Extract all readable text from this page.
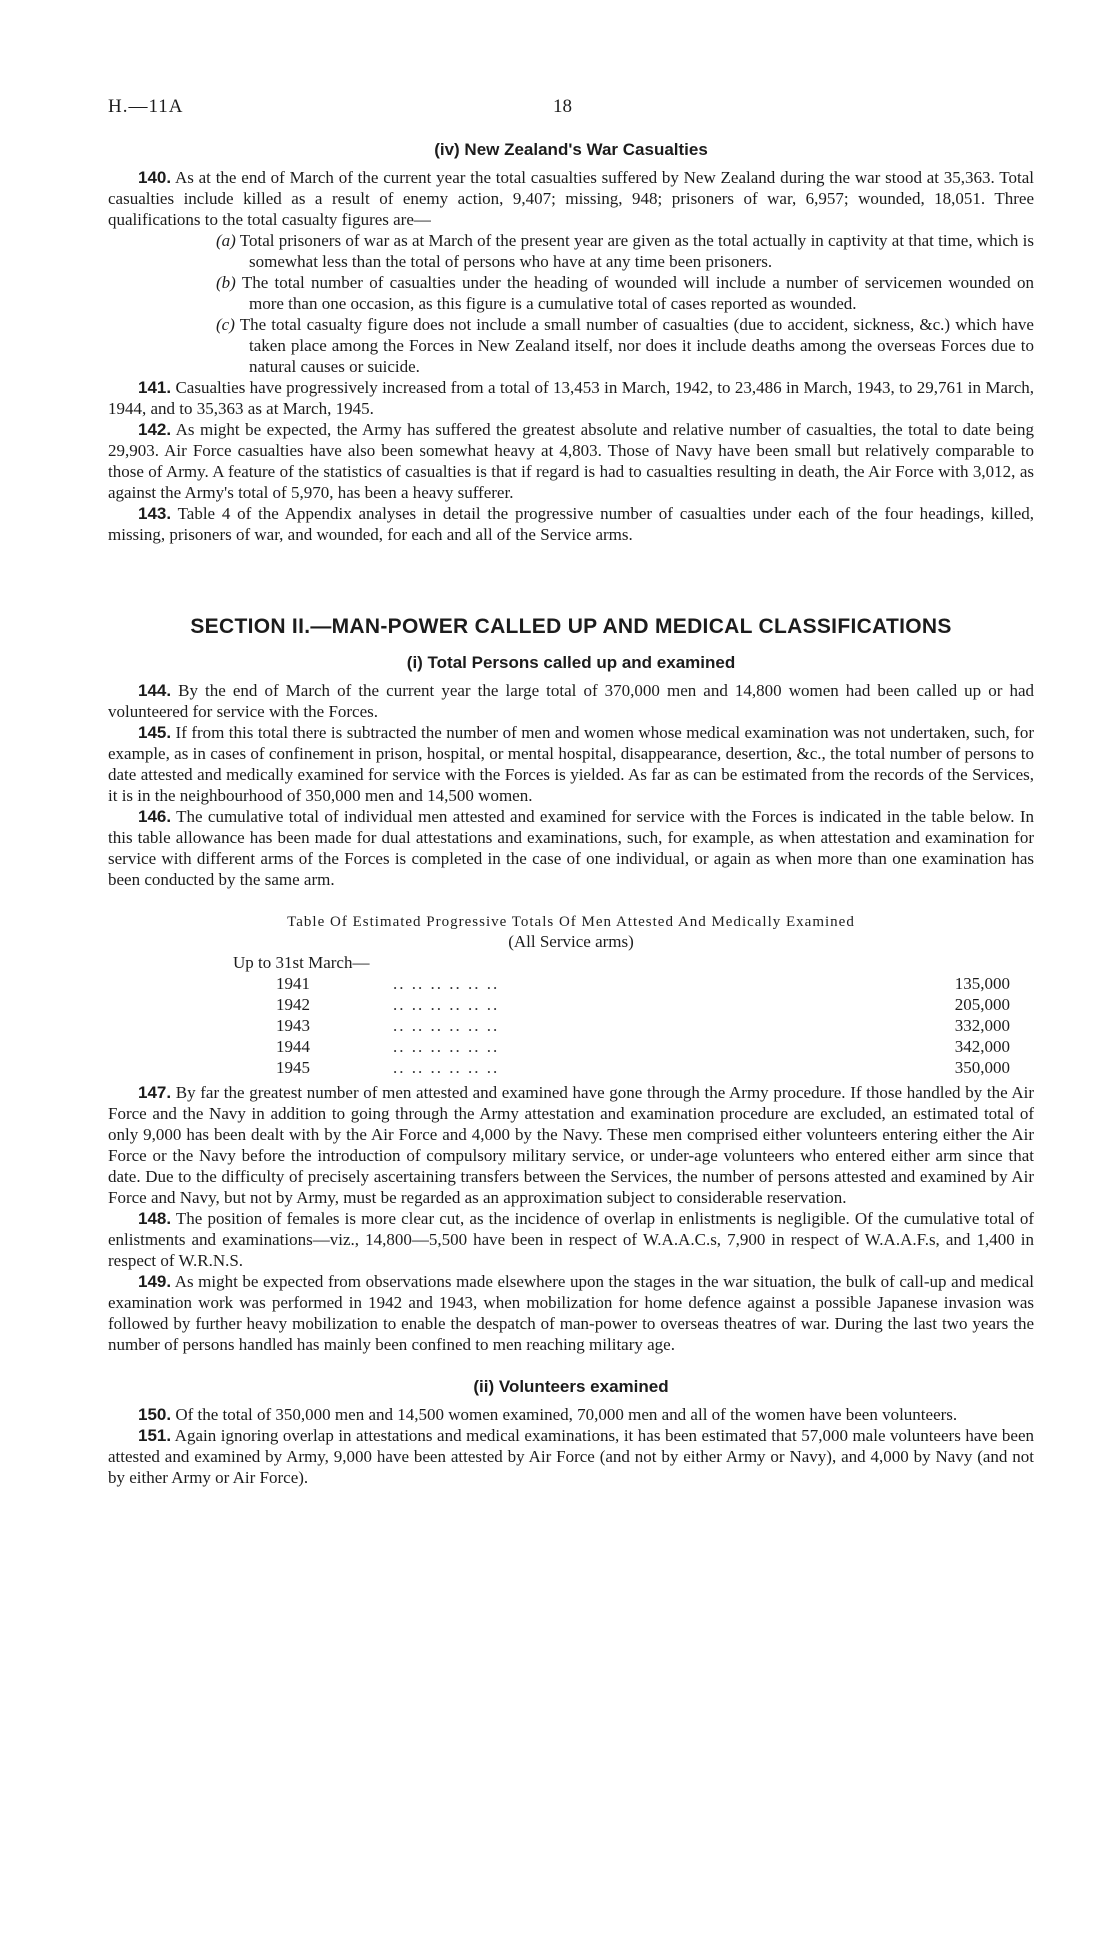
H.—11A	18
(iv) New Zealand's War Casualties

140. As at the end of March of the current year the total casualties suffered by New Zealand during the war stood at 35,363. Total casualties include killed as a result of enemy action, 9,407; missing, 948; prisoners of war, 6,957; wounded, 18,051. Three qualifications to the total casualty figures are—

(a) Total prisoners of war as at March of the present year are given as the total actually in captivity at that time, which is somewhat less than the total of persons who have at any time been prisoners.
(b) The total number of casualties under the heading of wounded will include a number of servicemen wounded on more than one occasion, as this figure is a cumulative total of cases reported as wounded.
(c) The total casualty figure does not include a small number of casualties (due to accident, sickness, &c.) which have taken place among the Forces in New Zealand itself, nor does it include deaths among the overseas Forces due to natural causes or suicide.

141. Casualties have progressively increased from a total of 13,453 in March, 1942, to 23,486 in March, 1943, to 29,761 in March, 1944, and to 35,363 as at March, 1945.

142. As might be expected, the Army has suffered the greatest absolute and relative number of casualties, the total to date being 29,903. Air Force casualties have also been somewhat heavy at 4,803. Those of Navy have been small but relatively comparable to those of Army. A feature of the statistics of casualties is that if regard is had to casualties resulting in death, the Air Force with 3,012, as against the Army's total of 5,970, has been a heavy sufferer.

143. Table 4 of the Appendix analyses in detail the progressive number of casualties under each of the four headings, killed, missing, prisoners of war, and wounded, for each and all of the Service arms.

SECTION II.—MAN-POWER CALLED UP AND MEDICAL CLASSIFICATIONS
(i) Total Persons called up and examined

144. By the end of March of the current year the large total of 370,000 men and 14,800 women had been called up or had volunteered for service with the Forces.

145. If from this total there is subtracted the number of men and women whose medical examination was not undertaken, such, for example, as in cases of confinement in prison, hospital, or mental hospital, disappearance, desertion, &c., the total number of persons to date attested and medically examined for service with the Forces is yielded. As far as can be estimated from the records of the Services, it is in the neighbourhood of 350,000 men and 14,500 women.

146. The cumulative total of individual men attested and examined for service with the Forces is indicated in the table below. In this table allowance has been made for dual attestations and examinations, such, for example, as when attestation and examination for service with different arms of the Forces is completed in the case of one individual, or again as when more than one examination has been conducted by the same arm.

Table Of Estimated Progressive Totals Of Men Attested And Medically Examined

(All Service arms)

Up to 31st March—
1941	.. .. .. .. .. ..	135,000
1942	.. .. .. .. .. ..	205,000
1943	.. .. .. .. .. ..	332,000
1944	.. .. .. .. .. ..	342,000
1945	.. .. .. .. .. ..	350,000

147. By far the greatest number of men attested and examined have gone through the Army procedure. If those handled by the Air Force and the Navy in addition to going through the Army attestation and examination procedure are excluded, an estimated total of only 9,000 has been dealt with by the Air Force and 4,000 by the Navy. These men comprised either volunteers entering either the Air Force or the Navy before the introduction of compulsory military service, or under-age volunteers who entered either arm since that date. Due to the difficulty of precisely ascertaining transfers between the Services, the number of persons attested and examined by Air Force and Navy, but not by Army, must be regarded as an approximation subject to considerable reservation.

148. The position of females is more clear cut, as the incidence of overlap in enlistments is negligible. Of the cumulative total of enlistments and examinations—viz., 14,800—5,500 have been in respect of W.A.A.C.s, 7,900 in respect of W.A.A.F.s, and 1,400 in respect of W.R.N.S.

149. As might be expected from observations made elsewhere upon the stages in the war situation, the bulk of call-up and medical examination work was performed in 1942 and 1943, when mobilization for home defence against a possible Japanese invasion was followed by further heavy mobilization to enable the despatch of man-power to overseas theatres of war. During the last two years the number of persons handled has mainly been confined to men reaching military age.

(ii) Volunteers examined

150. Of the total of 350,000 men and 14,500 women examined, 70,000 men and all of the women have been volunteers.

151. Again ignoring overlap in attestations and medical examinations, it has been estimated that 57,000 male volunteers have been attested and examined by Army, 9,000 have been attested by Air Force (and not by either Army or Navy), and 4,000 by Navy (and not by either Army or Air Force).
